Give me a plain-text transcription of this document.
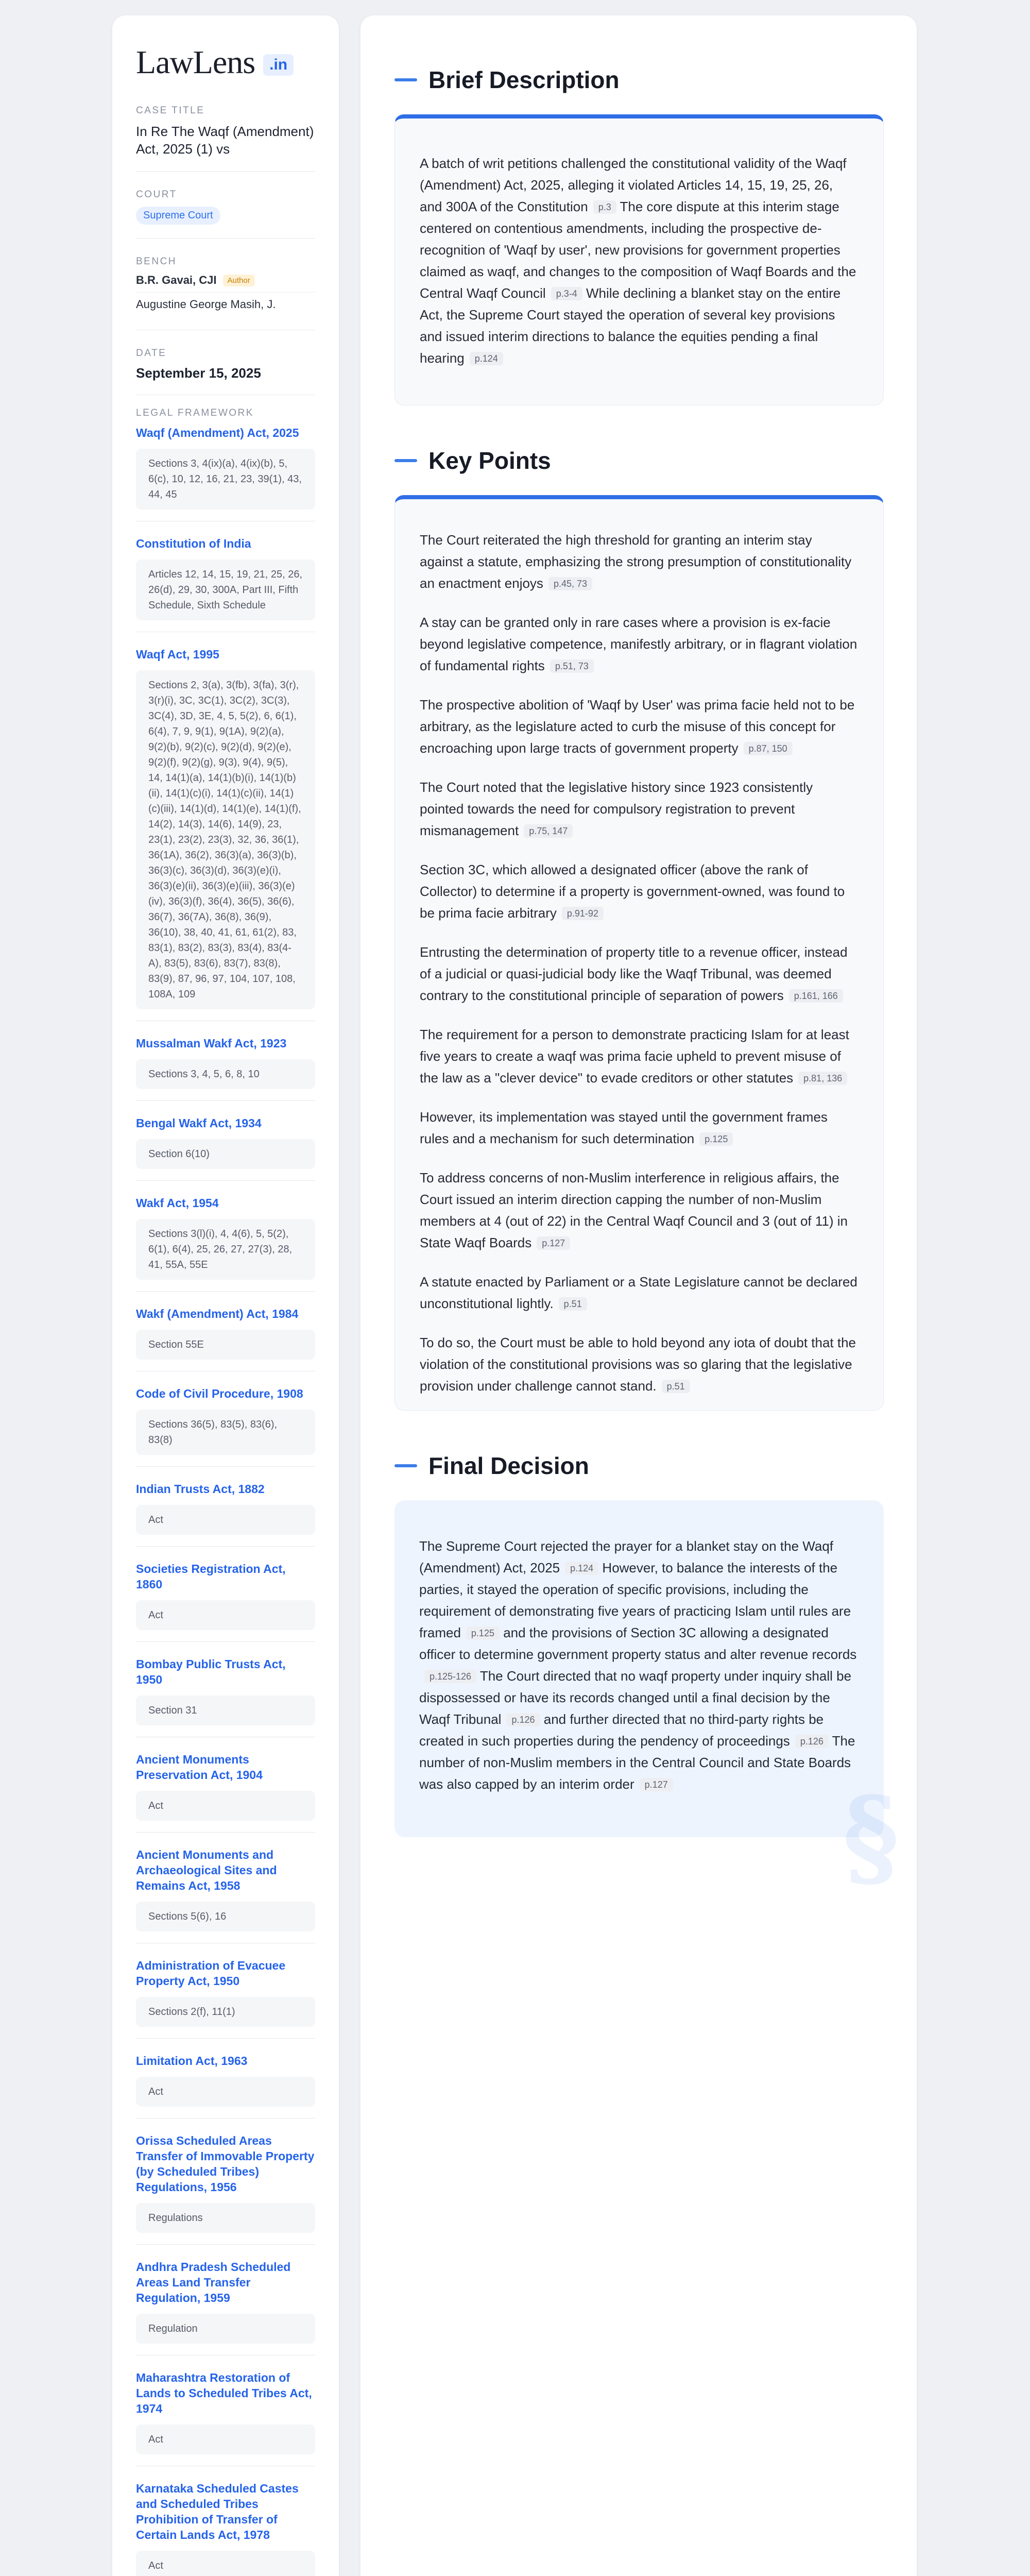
LawLens .in
CASE TITLE
In Re The Waqf (Amendment) Act, 2025 (1) vs
COURT
Supreme Court
BENCH
B.R. Gavai, CJI	Author
Augustine George Masih, J.
DATE
September 15, 2025
LEGAL FRAMEWORK
Waqf (Amendment) Act, 2025
Sections 3, 4(ix)(a), 4(ix)(b), 5, 6(c), 10, 12, 16, 21, 23, 39(1), 43, 44, 45
Constitution of India
Articles 12, 14, 15, 19, 21, 25, 26, 26(d), 29, 30, 300A, Part III, Fifth Schedule, Sixth Schedule
Waqf Act, 1995
Sections 2, 3(a), 3(fb), 3(fa), 3(r), 3(r)(i), 3C, 3C(1), 3C(2), 3C(3), 3C(4), 3D, 3E, 4, 5, 5(2), 6, 6(1), 6(4), 7, 9, 9(1), 9(1A), 9(2)(a), 9(2)(b), 9(2)(c), 9(2)(d), 9(2)(e), 9(2)(f), 9(2)(g), 9(3), 9(4), 9(5), 14, 14(1)(a), 14(1)(b)(i), 14(1)(b)(ii), 14(1)(c)(i), 14(1)(c)(ii), 14(1)(c)(iii), 14(1)(d), 14(1)(e), 14(1)(f), 14(2), 14(3), 14(6), 14(9), 23, 23(1), 23(2), 23(3), 32, 36, 36(1), 36(1A), 36(2), 36(3)(a), 36(3)(b), 36(3)(c), 36(3)(d), 36(3)(e)(i), 36(3)(e)(ii), 36(3)(e)(iii), 36(3)(e)(iv), 36(3)(f), 36(4), 36(5), 36(6), 36(7), 36(7A), 36(8), 36(9), 36(10), 38, 40, 41, 61, 61(2), 83, 83(1), 83(2), 83(3), 83(4), 83(4-A), 83(5), 83(6), 83(7), 83(8), 83(9), 87, 96, 97, 104, 107, 108, 108A, 109
Mussalman Wakf Act, 1923
Sections 3, 4, 5, 6, 8, 10
Bengal Wakf Act, 1934
Section 6(10)
Wakf Act, 1954
Sections 3(l)(i), 4, 4(6), 5, 5(2), 6(1), 6(4), 25, 26, 27, 27(3), 28, 41, 55A, 55E
Wakf (Amendment) Act, 1984
Section 55E
Code of Civil Procedure, 1908
Sections 36(5), 83(5), 83(6), 83(8)
Indian Trusts Act, 1882
Act
Societies Registration Act, 1860
Act
Bombay Public Trusts Act, 1950
Section 31
Ancient Monuments Preservation Act, 1904
Act
Ancient Monuments and Archaeological Sites and Remains Act, 1958
Sections 5(6), 16
Administration of Evacuee Property Act, 1950
Sections 2(f), 11(1)
Limitation Act, 1963
Act
Orissa Scheduled Areas Transfer of Immovable Property (by Scheduled Tribes) Regulations, 1956
Regulations
Andhra Pradesh Scheduled Areas Land Transfer Regulation, 1959
Regulation
Maharashtra Restoration of Lands to Scheduled Tribes Act, 1974
Act
Karnataka Scheduled Castes and Scheduled Tribes Prohibition of Transfer of Certain Lands Act, 1978
Act
Brief Description
A batch of writ petitions challenged the constitutional validity of the Waqf (Amendment) Act, 2025, alleging it violated Articles 14, 15, 19, 25, 26, and 300A of the Constitution p.3 The core dispute at this interim stage centered on contentious amendments, including the prospective de-recognition of 'Waqf by user', new provisions for government properties claimed as waqf, and changes to the composition of Waqf Boards and the Central Waqf Council p.3-4 While declining a blanket stay on the entire Act, the Supreme Court stayed the operation of several key provisions and issued interim directions to balance the equities pending a final hearing p.124
Key Points
The Court reiterated the high threshold for granting an interim stay against a statute, emphasizing the strong presumption of constitutionality an enactment enjoys p.45, 73
A stay can be granted only in rare cases where a provision is ex-facie beyond legislative competence, manifestly arbitrary, or in flagrant violation of fundamental rights p.51, 73
The prospective abolition of 'Waqf by User' was prima facie held not to be arbitrary, as the legislature acted to curb the misuse of this concept for encroaching upon large tracts of government property p.87, 150
The Court noted that the legislative history since 1923 consistently pointed towards the need for compulsory registration to prevent mismanagement p.75, 147
Section 3C, which allowed a designated officer (above the rank of Collector) to determine if a property is government-owned, was found to be prima facie arbitrary p.91-92
Entrusting the determination of property title to a revenue officer, instead of a judicial or quasi-judicial body like the Waqf Tribunal, was deemed contrary to the constitutional principle of separation of powers p.161, 166
The requirement for a person to demonstrate practicing Islam for at least five years to create a waqf was prima facie upheld to prevent misuse of the law as a "clever device" to evade creditors or other statutes p.81, 136
However, its implementation was stayed until the government frames rules and a mechanism for such determination p.125
To address concerns of non-Muslim interference in religious affairs, the Court issued an interim direction capping the number of non-Muslim members at 4 (out of 22) in the Central Waqf Council and 3 (out of 11) in State Waqf Boards p.127
A statute enacted by Parliament or a State Legislature cannot be declared unconstitutional lightly. p.51
To do so, the Court must be able to hold beyond any iota of doubt that the violation of the constitutional provisions was so glaring that the legislative provision under challenge cannot stand. p.51
Final Decision
The Supreme Court rejected the prayer for a blanket stay on the Waqf (Amendment) Act, 2025 p.124 However, to balance the interests of the parties, it stayed the operation of specific provisions, including the requirement of demonstrating five years of practicing Islam until rules are framed p.125 and the provisions of Section 3C allowing a designated officer to determine government property status and alter revenue recordsp.125-126 The Court directed that no waqf property under inquiry shall be dispossessed or have its records changed until a final decision by the Waqf Tribunal p.126 and further directed that no third-party rights be created in such properties during the pendency of proceedings p.126 The number of non-Muslim members in the Central Council and State Boards was also capped by an interim order p.127	§
